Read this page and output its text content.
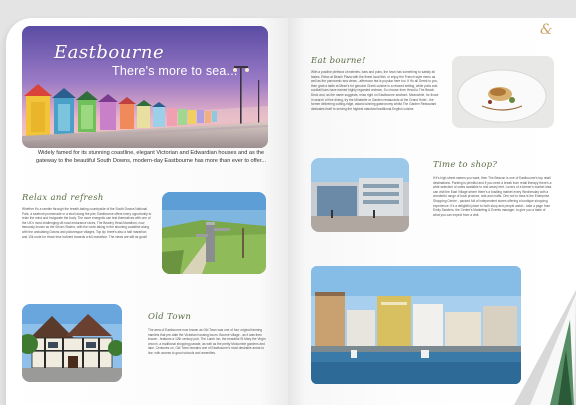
Eastbourne
There's more to sea...
Widely famed for its stunning coastline, elegant Victorian and Edwardian houses and as the gateway to the beautiful South Downs, modern-day Eastbourne has more than ever to offer...
Relax and refresh
Whether it's a ramble through the breath-taking countryside of the South Downs National Park, a seafront promenade or a stroll along the pier, Eastbourne offers every opportunity to relax the mind and invigorate the body. The more energetic can test themselves with one of the UK's most challenging off-road endurance races, The Beachy Head Marathon, now famously known as the Seven Sisters, with the route taking in the stunning coastline along with the undulating Downs and picturesque villages. Top tip: there's also a half marathon and 10k route for those less inclined towards a full marathon. The views are still as good!
Old Town
The area of Eastbourne now known as Old Town was one of four original farming hamlets that pre-date the Victorian housing boom. Bourne village - as it was then known - features a 12th century pub, The Lamb Inn, the beautiful St Mary the Virgin church, a traditional shopping parade, as well as the pretty Motcombe gardens and lake. Centuries on, Old Town remains one of Eastbourne's most desirable areas to live, with access to good schools and amenities.
&
Eat bourne!
With a positive plethora of eateries, bars and pubs, the town has something to satisfy all tastes. Relax at Beach Plaza with the finest local fish, or enjoy the French style menu as well as the panoramic sea views - afternoon tea is popular here too. If it's all Greek to you, then grab a table at Meze's for genuine Greek cuisine in a relaxed setting, while pubs and cocktail bars have earned highly regarded reviews. So choose from Head to The Beach Deck and, as the name suggests, relax right on Eastbourne seafront. Meanwhile, for those in search of fine dining, try the Mirabelle or Garden restaurants at the Grand Hotel - the former delivering cutting-edge, award-winning gastronomy whilst The Garden Restaurant dedicates itself to serving the highest standard traditional English cuisine.
Time to shop?
If it's high street names you want, then The Beacon is one of Eastbourne's top retail destinations. Parking is plentiful and if you need a break from retail therapy there's a wide selection of cafes available to rest weary feet. Lovers of a farmer's market idea can visit the East Village where there's a bustling market every Wednesday with a wonderful range of local produce, arts and crafts. One not to miss is the Enterprise Shopping Centre - packed full of independent stores offering a boutique shopping experience. It's a delightful place to both shop and people watch - take a page from Emily Sanders, the Centre's Marketing & Events manager, to give you a taste of what you can expect from a visit.
